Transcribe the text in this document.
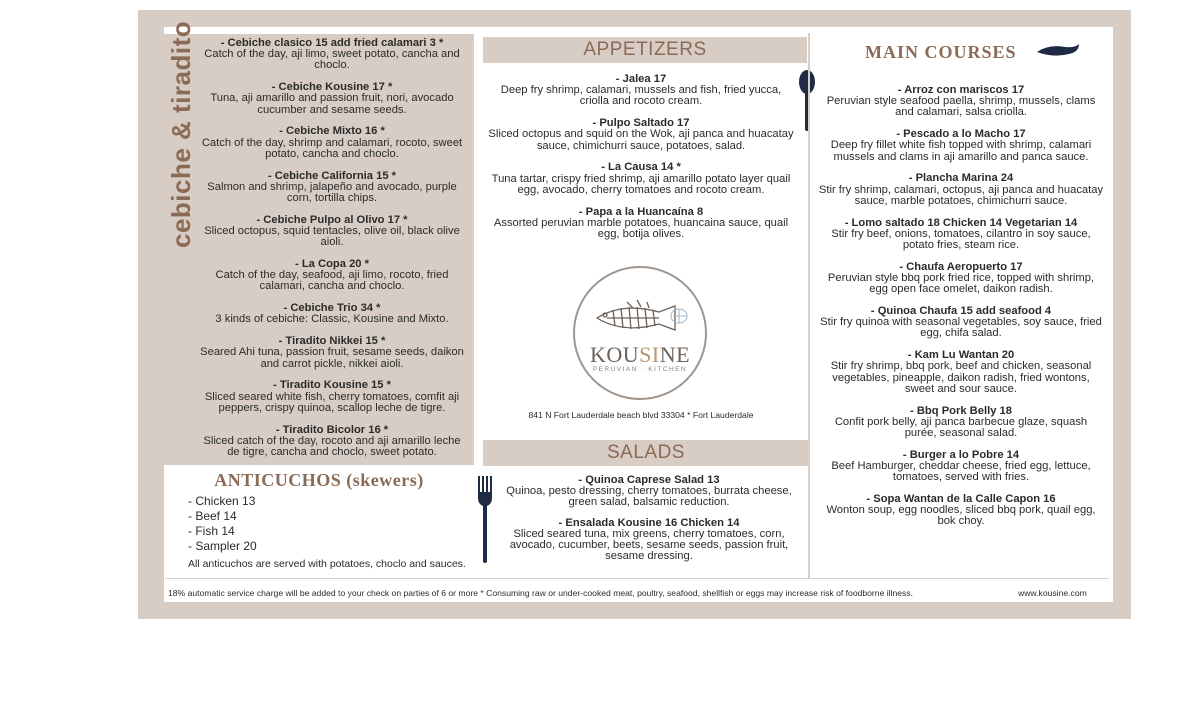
cebiche & tiradito	- Cebiche clasico 15 add fried calamari 3 *
Catch of the day, aji limo, sweet potato, cancha and choclo.
- Cebiche Kousine 17 *
Tuna, aji amarillo and passion fruit, nori, avocado cucumber and sesame seeds.
- Cebiche Mixto 16 *
Catch of the day, shrimp and calamari, rocoto, sweet potato, cancha and choclo.
- Cebiche California 15 *
Salmon and shrimp, jalapeño and avocado, purple corn, tortilla chips.
- Cebiche Pulpo al Olivo 17 *
Sliced octopus, squid tentacles, olive oil, black olive aioli.
- La Copa 20 *
Catch of the day, seafood, aji limo, rocoto, fried calamari, cancha and choclo.
- Cebiche Trio 34 *
3 kinds of cebiche: Classic, Kousine and Mixto.
- Tiradito Nikkei 15 *
Seared Ahi tuna, passion fruit, sesame seeds, daikon and carrot pickle, nikkei aioli.
- Tiradito Kousine 15 *
Sliced seared white fish, cherry tomatoes, comfit aji peppers, crispy quinoa, scallop leche de tigre.
- Tiradito Bicolor 16 *
Sliced catch of the day, rocoto and aji amarillo leche de tigre, cancha and choclo, sweet potato.
ANTICUCHOS (skewers)
- Chicken 13
- Beef 14
- Fish 14
- Sampler 20
All anticuchos are served with potatoes, choclo and sauces.
APPETIZERS
- Jalea 17
Deep fry shrimp, calamari, mussels and fish, fried yucca, criolla and rocoto cream.
- Pulpo Saltado 17
Sliced octopus and squid on the Wok, aji panca and huacatay sauce, chimichurri sauce, potatoes, salad.
- La Causa 14 *
Tuna tartar, crispy fried shrimp, aji amarillo potato layer quail egg, avocado, cherry tomatoes and rocoto cream.
- Papa a la Huancaína 8
Assorted peruvian marble potatoes, huancaina sauce, quail egg, botija olives.
KOUSINE
PERUVIAN · KITCHEN
841 N Fort Lauderdale beach blvd 33304 * Fort Lauderdale
SALADS
- Quinoa Caprese Salad 13
Quinoa, pesto dressing, cherry tomatoes, burrata cheese, green salad, balsamic reduction.
- Ensalada Kousine 16 Chicken 14
Sliced seared tuna, mix greens, cherry tomatoes, corn, avocado, cucumber, beets, sesame seeds, passion fruit, sesame dressing.
MAIN COURSES
- Arroz con mariscos 17
Peruvian style seafood paella, shrimp, mussels, clams and calamari, salsa criolla.
- Pescado a lo Macho 17
Deep fry fillet white fish topped with shrimp, calamari mussels and clams in aji amarillo and panca sauce.
- Plancha Marina 24
Stir fry shrimp, calamari, octopus, aji panca and huacatay sauce, marble potatoes, chimichurri sauce.
- Lomo saltado 18 Chicken 14 Vegetarian 14
Stir fry beef, onions, tomatoes, cilantro in soy sauce, potato fries, steam rice.
- Chaufa Aeropuerto 17
Peruvian style bbq pork fried rice, topped with shrimp, egg open face omelet, daikon radish.
- Quinoa Chaufa 15 add seafood 4
Stir fry quinoa with seasonal vegetables, soy sauce, fried egg, chifa salad.
- Kam Lu Wantan 20
Stir fry shrimp, bbq pork, beef and chicken, seasonal vegetables, pineapple, daikon radish, fried wontons, sweet and sour sauce.
- Bbq Pork Belly 18
Confit pork belly, aji panca barbecue glaze, squash purée, seasonal salad.
- Burger a lo Pobre 14
Beef Hamburger, cheddar cheese, fried egg, lettuce, tomatoes, served with fries.
- Sopa Wantan de la Calle Capon 16
Wonton soup, egg noodles, sliced bbq pork, quail egg, bok choy.
18% automatic service charge will be added to your check on parties of 6 or more * Consuming raw or under-cooked meat, poultry, seafood, shellfish or eggs may increase risk of foodborne illness.	www.kousine.com
